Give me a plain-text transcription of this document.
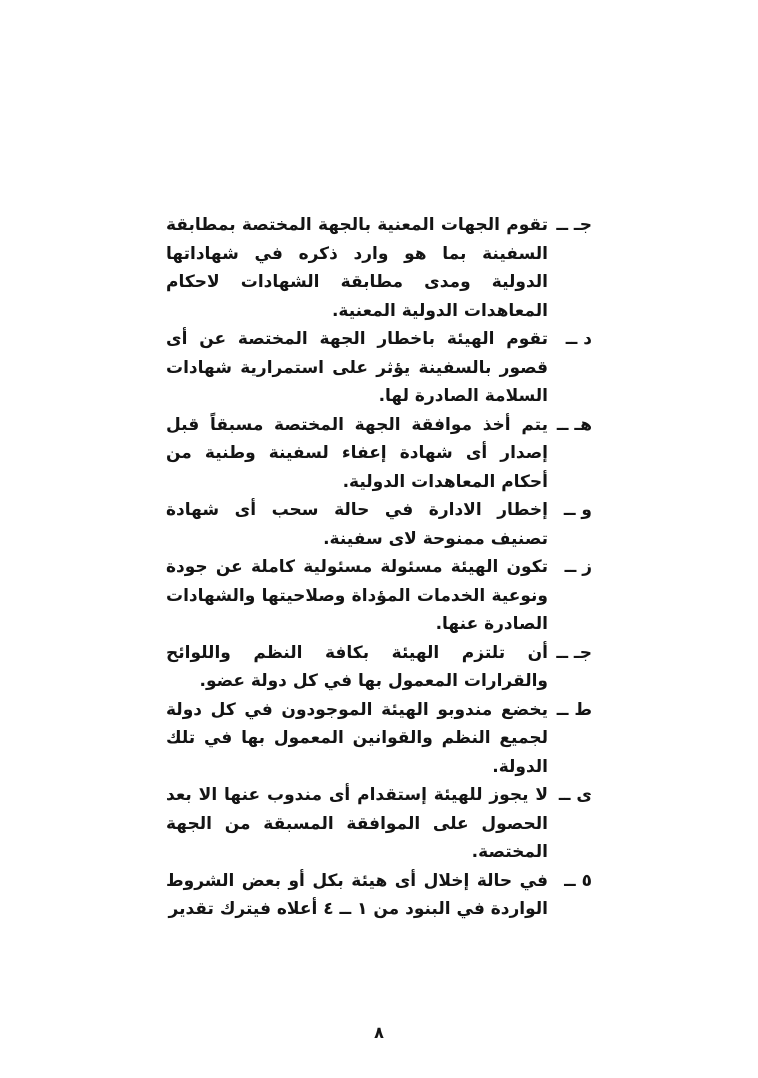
جـ ــ
تقوم الجهات المعنية بالجهة المختصة بمطابقة السفينة بما هو وارد ذكره في شهاداتها الدولية ومدى مطابقة الشهادات لاحكام المعاهدات الدولية المعنية.
د ــ
تقوم الهيئة باخطار الجهة المختصة عن أى قصور بالسفينة يؤثر على استمرارية شهادات السلامة الصادرة لها.
هـ ــ
يتم أخذ موافقة الجهة المختصة مسبقاً قبل إصدار أى شهادة إعفاء لسفينة وطنية من أحكام المعاهدات الدولية.
و ــ
إخطار الادارة في حالة سحب أى شهادة تصنيف ممنوحة لاى سفينة.
ز ــ
تكون الهيئة مسئولة مسئولية كاملة عن جودة ونوعية الخدمات المؤداة وصلاحيتها والشهادات الصادرة عنها.
جـ ــ
أن تلتزم الهيئة بكافة النظم واللوائح والقرارات المعمول بها في كل دولة عضو.
ط ــ
يخضع مندوبو الهيئة الموجودون في كل دولة لجميع النظم والقوانين المعمول بها في تلك الدولة.
ى ــ
لا يجوز للهيئة إستقدام أى مندوب عنها الا بعد الحصول على الموافقة المسبقة من الجهة المختصة.
٥ ــ
في حالة إخلال أى هيئة بكل أو بعض الشروط الواردة في البنود من ١ ــ ٤ أعلاه فيترك تقدير
٨
